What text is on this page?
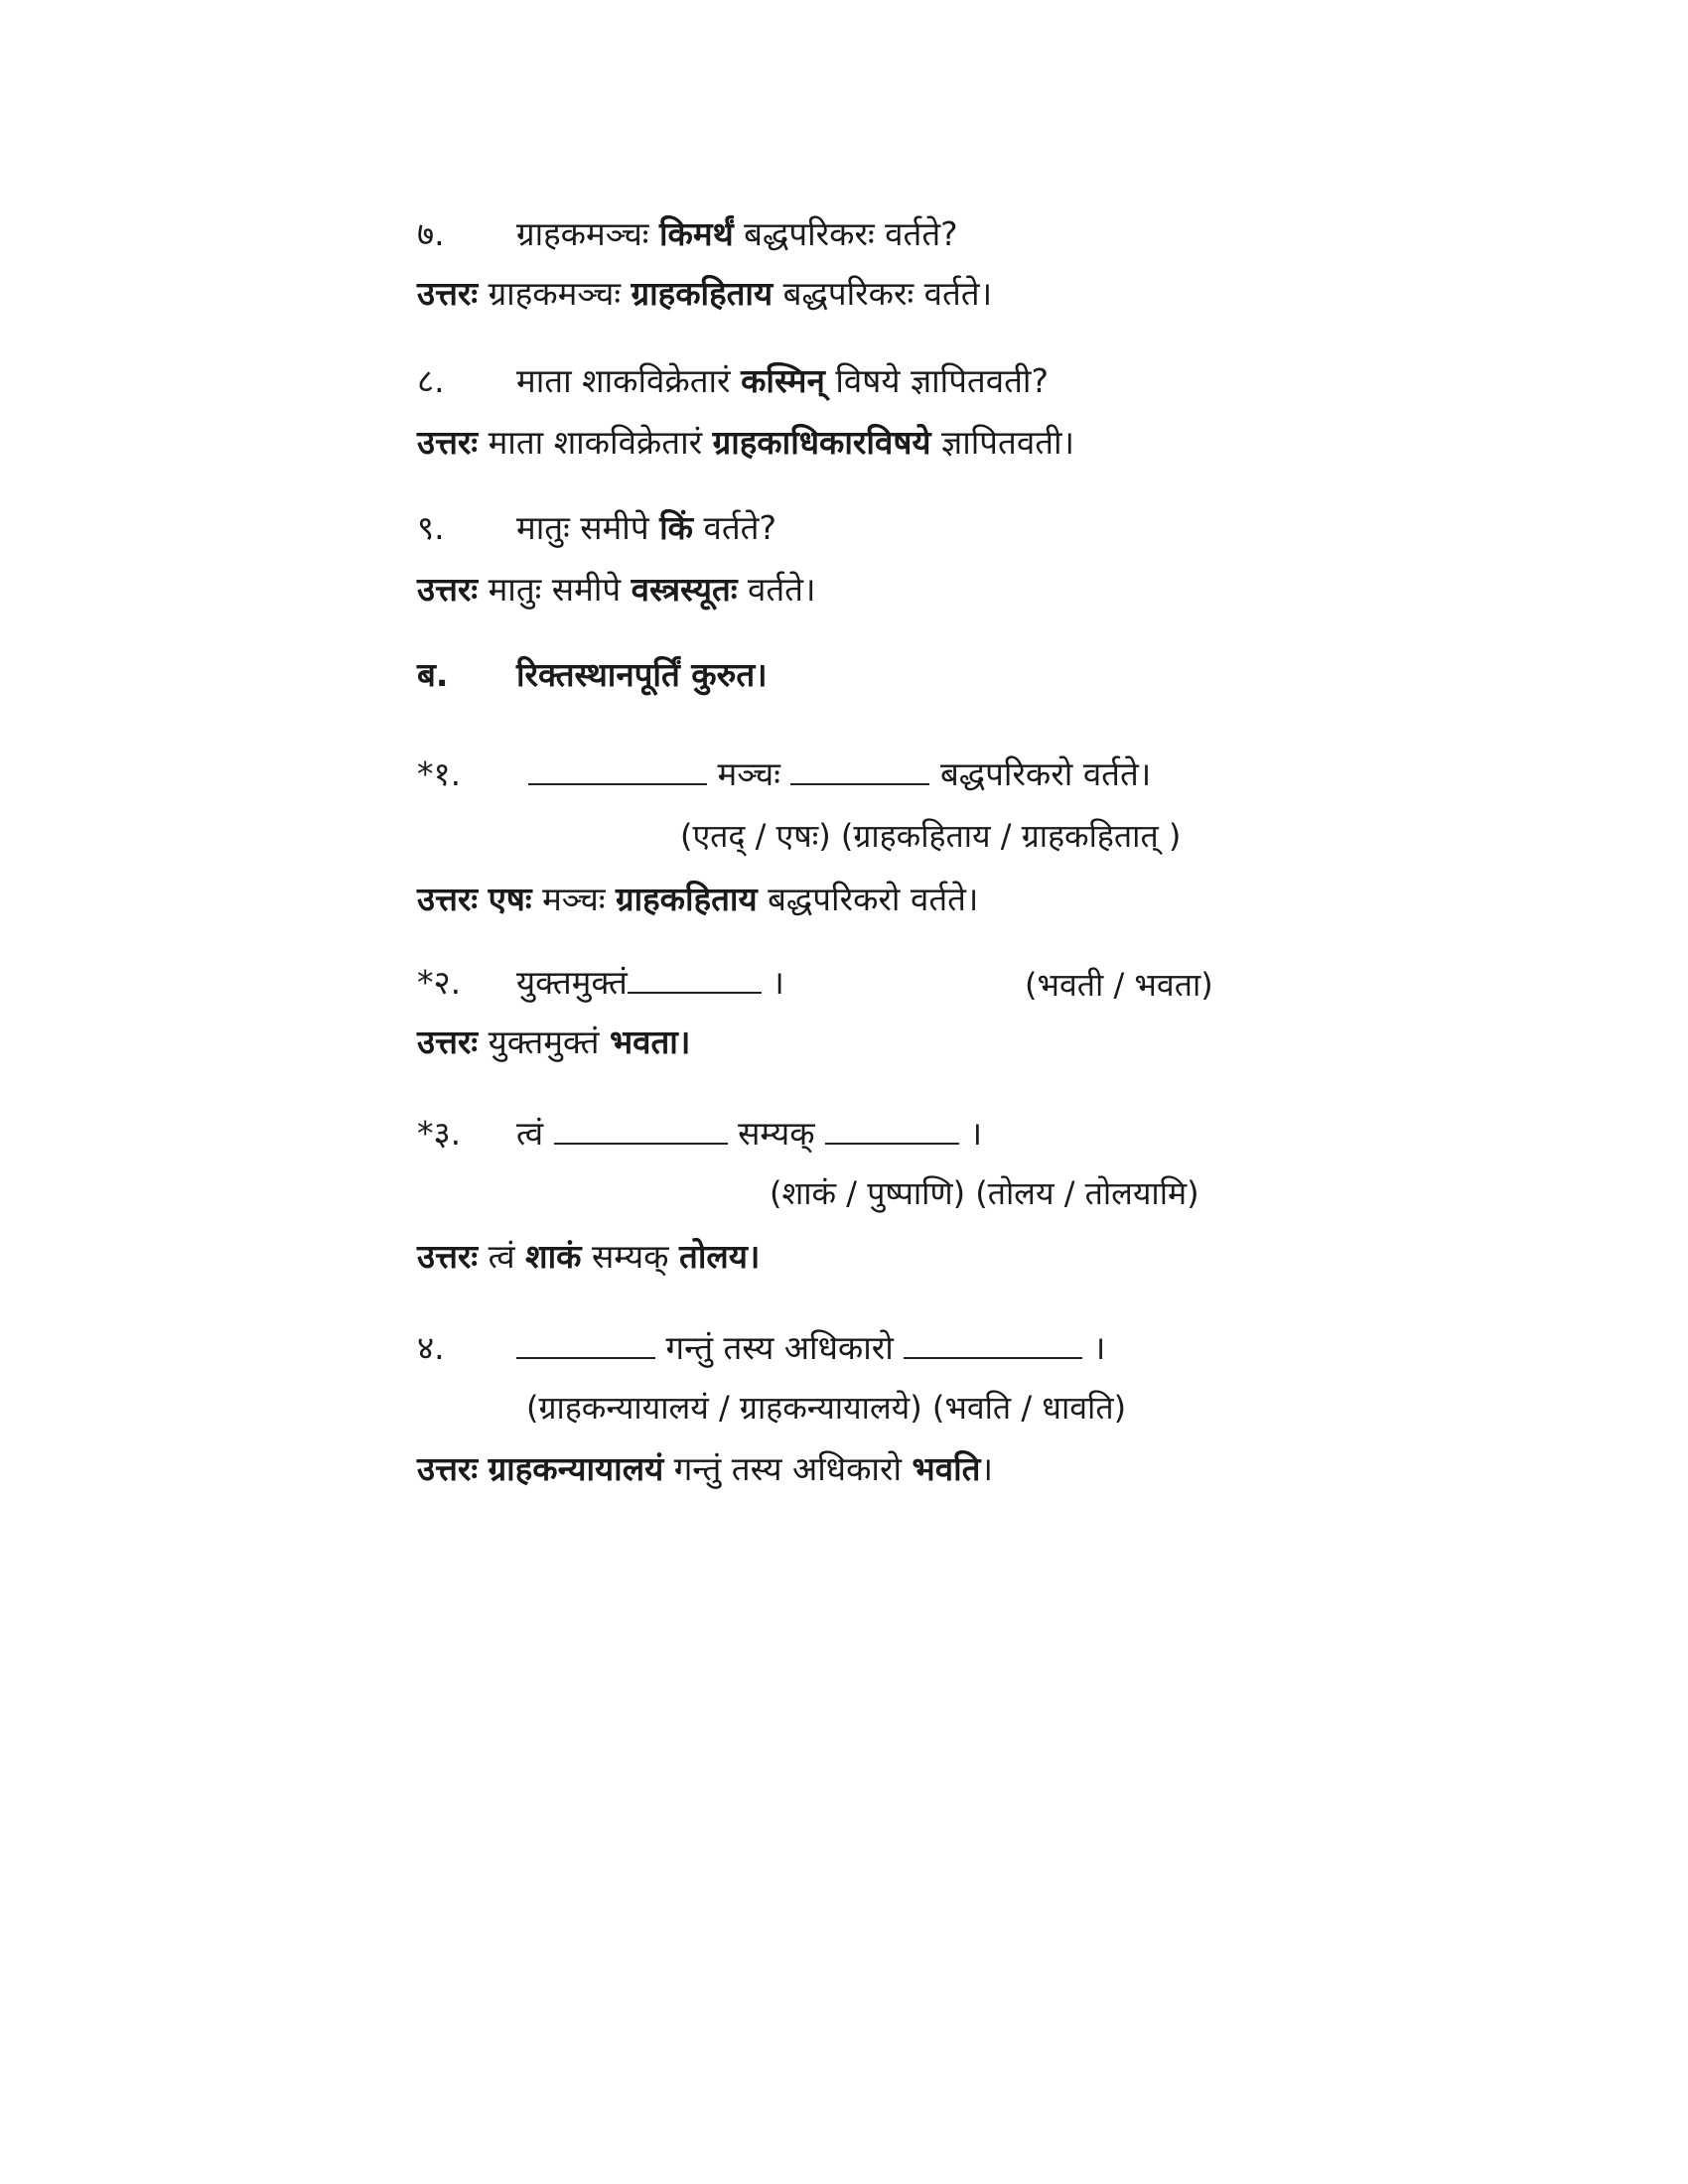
७. ग्राहकमञ्चः किमर्थं बद्धपरिकरः वर्तते?
उत्तरः ग्राहकमञ्चः ग्राहकहिताय बद्धपरिकरः वर्तते।
८. माता शाकविक्रेतारं कस्मिन् विषये ज्ञापितवती?
उत्तरः माता शाकविक्रेतारं ग्राहकाधिकारविषये ज्ञापितवती।
९. मातुः समीपे किं वर्तते?
उत्तरः मातुः समीपे वस्त्रस्यूतः वर्तते।
ब. रिक्तस्थानपूर्तिं कुरुत।
*१.	मञ्चः	बद्धपरिकरो वर्तते।
(एतद् / एषः) (ग्राहकहिताय / ग्राहकहितात् )
उत्तरः एषः मञ्चः ग्राहकहिताय बद्धपरिकरो वर्तते।
*२. युक्तमुक्तं	।	(भवती / भवता)
उत्तरः युक्तमुक्तं भवता।
*३. त्वं	सम्यक्	।
(शाकं / पुष्पाणि) (तोलय / तोलयामि)
उत्तरः त्वं शाकं सम्यक् तोलय।
४.	गन्तुं तस्य अधिकारो	।
(ग्राहकन्यायालयं / ग्राहकन्यायालये) (भवति / धावति)
उत्तरः ग्राहकन्यायालयं गन्तुं तस्य अधिकारो भवति।
